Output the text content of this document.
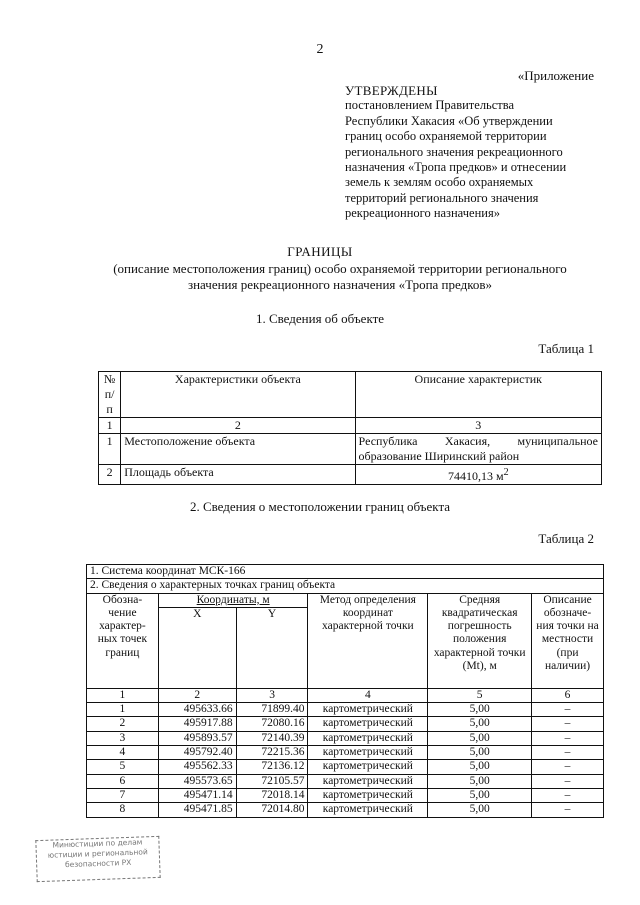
2
«Приложение
УТВЕРЖДЕНЫ
постановлением Правительства
Республики Хакасия «Об утверждении
границ особо охраняемой территории
регионального значения рекреационного
назначения «Тропа предков» и отнесении
земель к землям особо охраняемых
территорий регионального значения
рекреационного назначения»
ГРАНИЦЫ
(описание местоположения границ) особо охраняемой территории регионального значения рекреационного назначения «Тропа предков»
1. Сведения об объекте
Таблица 1
№ п/п	Характеристики объекта	Описание характеристик
1	2	3
1	Местоположение объекта	Республика Хакасия, муниципальное образование Ширинский район
2	Площадь объекта	74410,13 $м^2$
2. Сведения о местоположении границ объекта
Таблица 2
1. Система координат МСК-166					
2. Сведения о характерных точках границ объекта					
Обозна-чение характер-ных точек границ	Координаты, м		Метод определения координат характерной точки	Средняя квадратическая погрешность положения характерной точки (Mt), м	Описание обозначе-ния точки на местности (при наличии)
	X	Y			
1	2	3	4	5	6
1	495633.66	71899.40	картометрический	5,00	–
2	495917.88	72080.16	картометрический	5,00	–
3	495893.57	72140.39	картометрический	5,00	–
4	495792.40	72215.36	картометрический	5,00	–
5	495562.33	72136.12	картометрический	5,00	–
6	495573.65	72105.57	картометрический	5,00	–
7	495471.14	72018.14	картометрический	5,00	–
8	495471.85	72014.80	картометрический	5,00	–
Минюстиции по делам юстиции и региональной безопасности РХ
